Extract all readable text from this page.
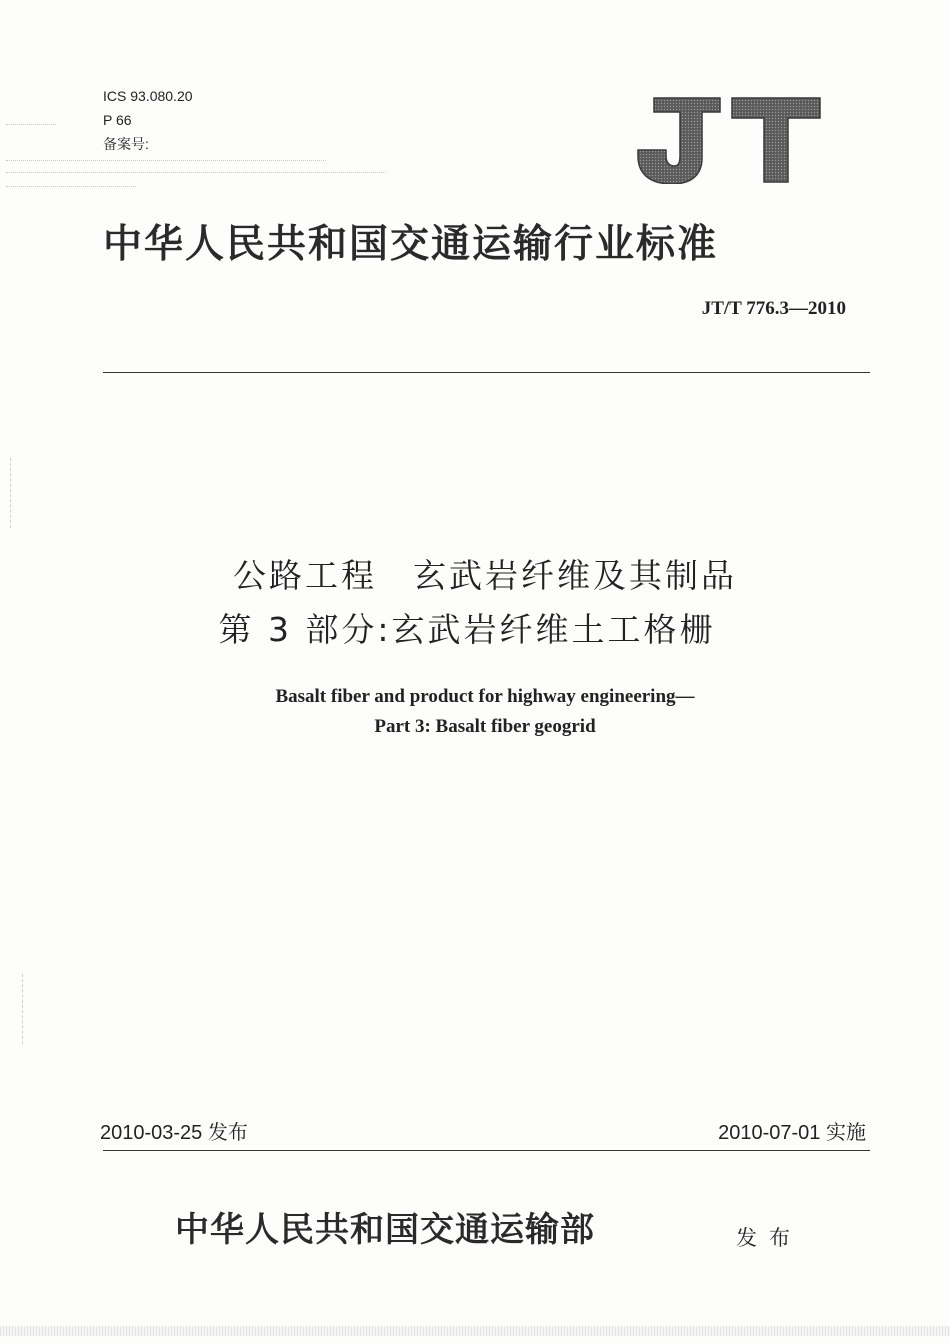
ICS 93.080.20
P 66
备案号:
中华人民共和国交通运输行业标准
JT/T 776.3—2010
公路工程　玄武岩纤维及其制品
第 3 部分:玄武岩纤维土工格栅
Basalt fiber and product for highway engineering—
Part 3: Basalt fiber geogrid
2010-03-25 发布	2010-07-01 实施
中华人民共和国交通运输部	发布
